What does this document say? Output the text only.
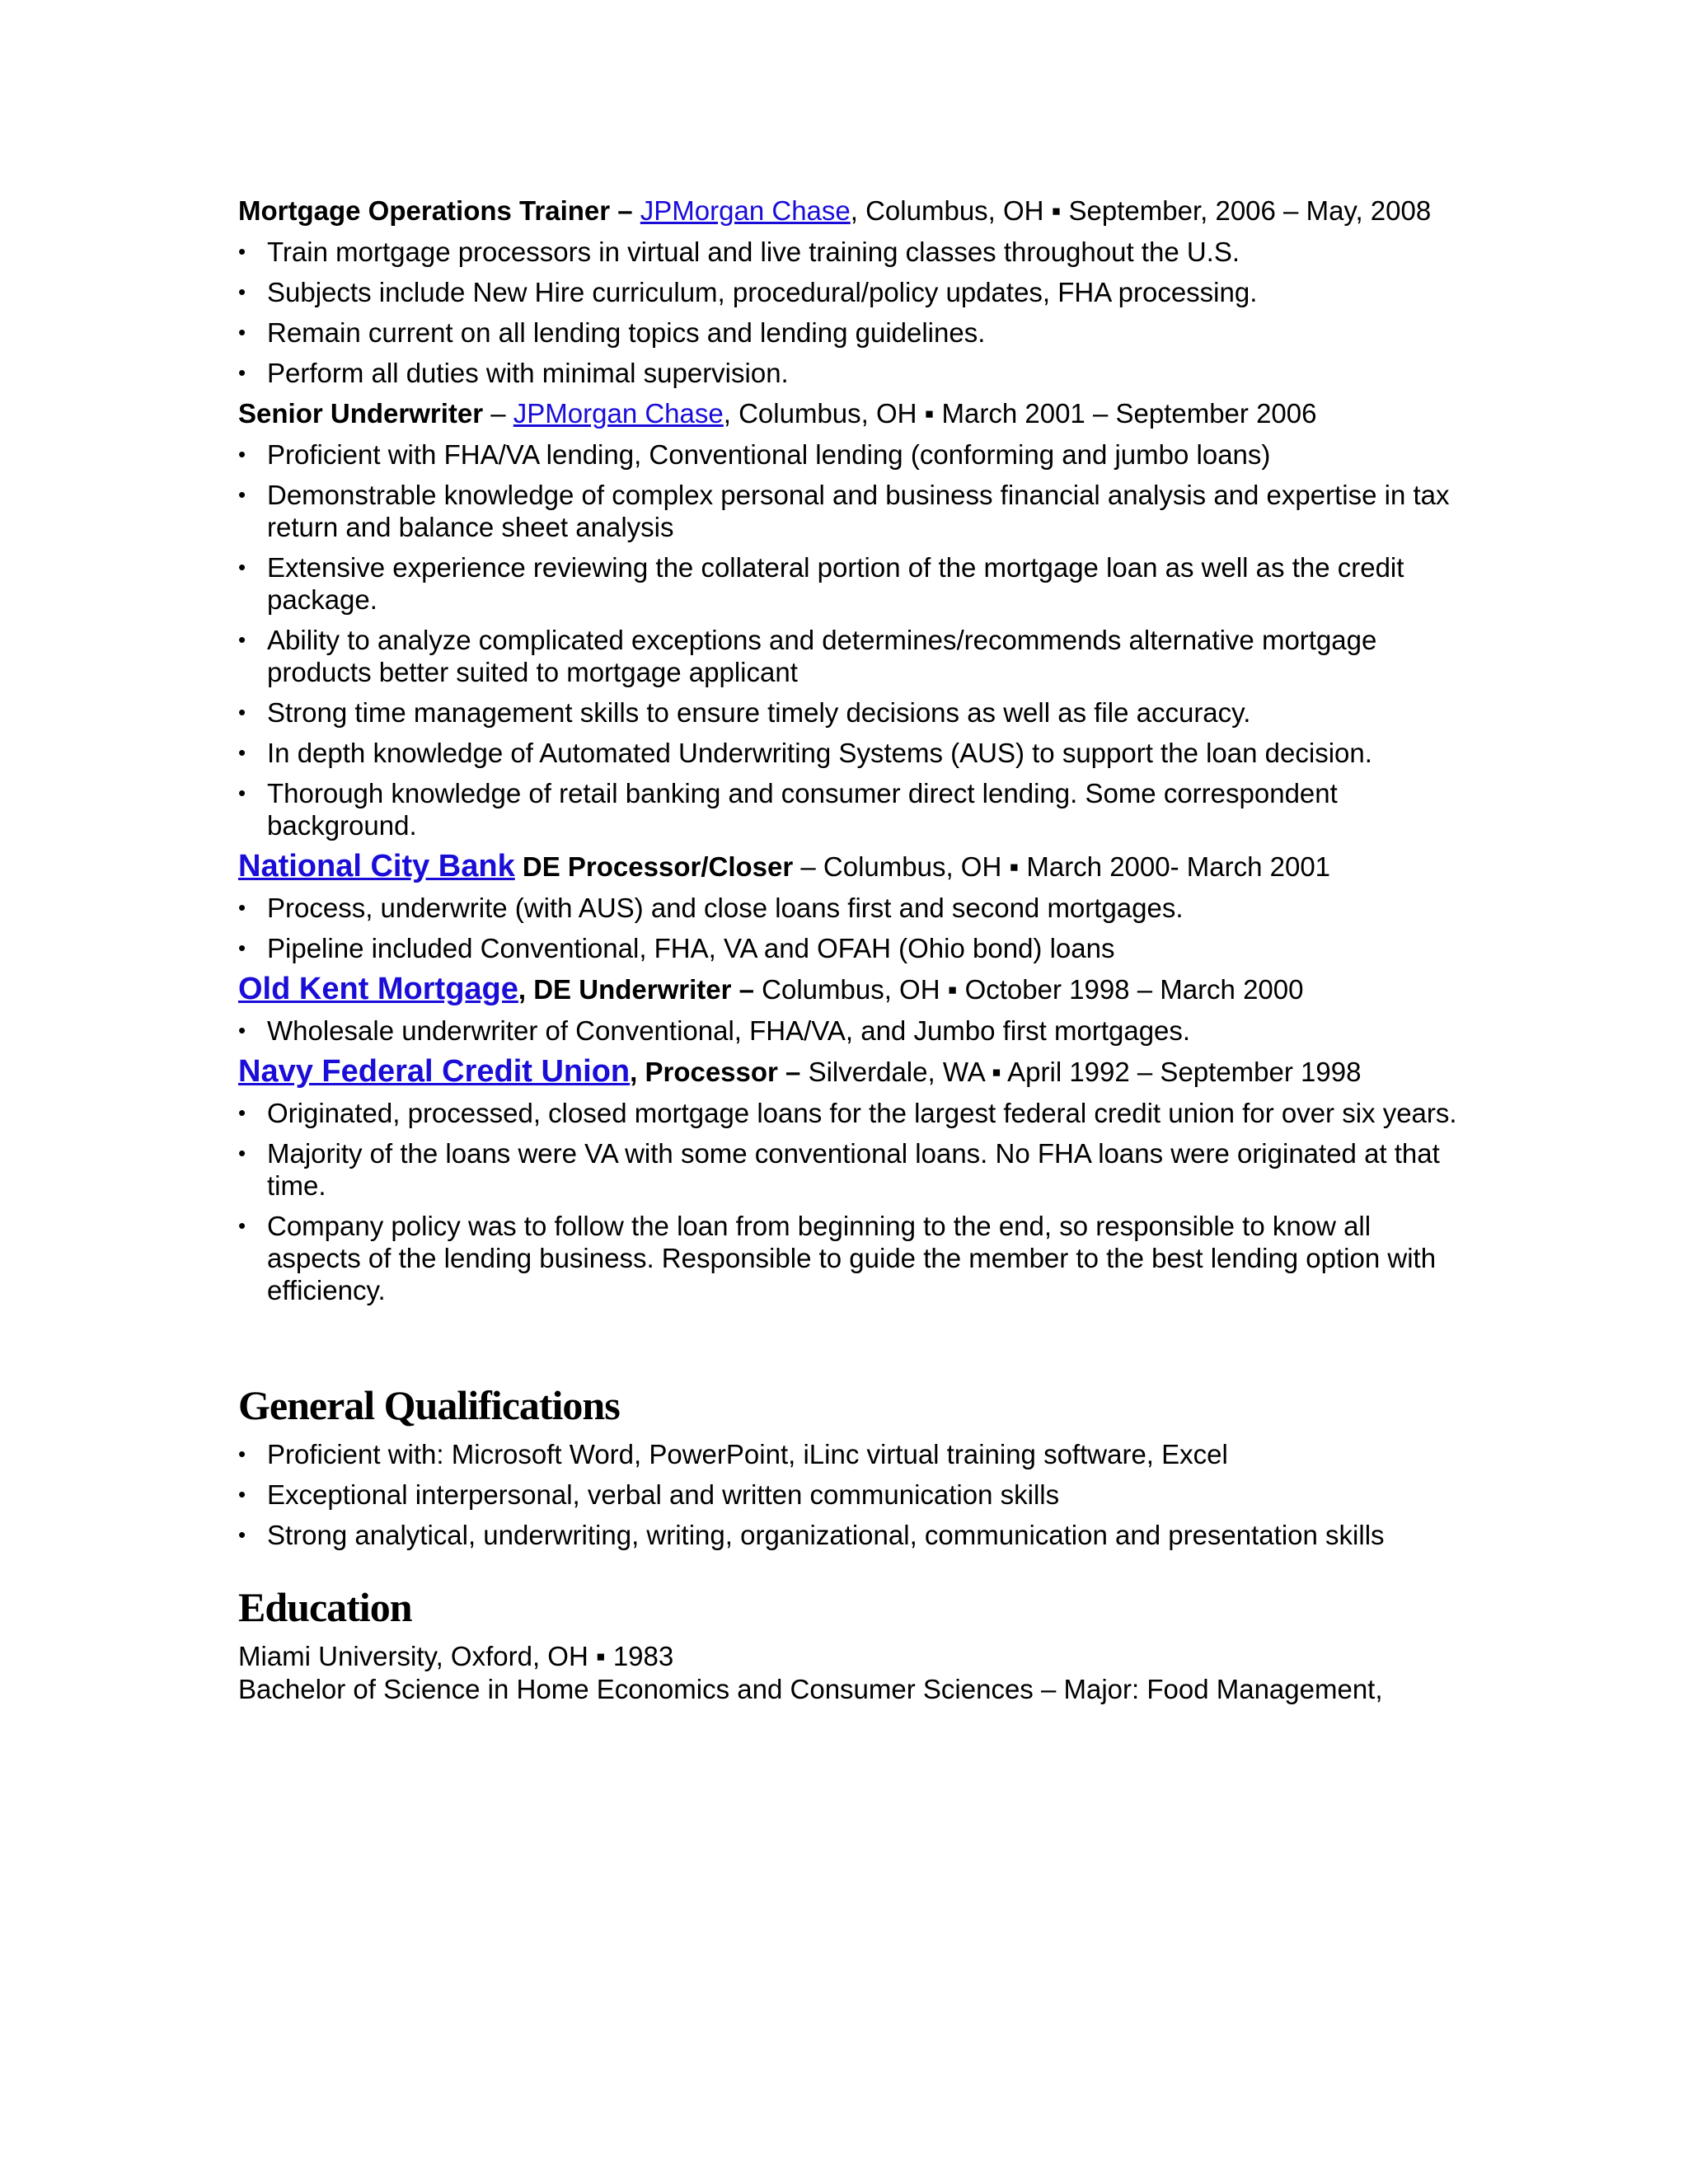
Mortgage Operations Trainer – JPMorgan Chase, Columbus, OH ▪ September, 2006 – May, 2008

• Train mortgage processors in virtual and live training classes throughout the U.S.
• Subjects include New Hire curriculum, procedural/policy updates, FHA processing.
• Remain current on all lending topics and lending guidelines.
• Perform all duties with minimal supervision.

Senior Underwriter – JPMorgan Chase, Columbus, OH ▪ March 2001 – September 2006

• Proficient with FHA/VA lending, Conventional lending (conforming and jumbo loans)
• Demonstrable knowledge of complex personal and business financial analysis and expertise in tax return and balance sheet analysis
• Extensive experience reviewing the collateral portion of the mortgage loan as well as the credit package.
• Ability to analyze complicated exceptions and determines/recommends alternative mortgage products better suited to mortgage applicant
• Strong time management skills to ensure timely decisions as well as file accuracy.
• In depth knowledge of Automated Underwriting Systems (AUS) to support the loan decision.
• Thorough knowledge of retail banking and consumer direct lending. Some correspondent background.

National City Bank DE Processor/Closer – Columbus, OH ▪ March 2000- March 2001

• Process, underwrite (with AUS) and close loans first and second mortgages.
• Pipeline included Conventional, FHA, VA and OFAH (Ohio bond) loans

Old Kent Mortgage, DE Underwriter – Columbus, OH ▪ October 1998 – March 2000

• Wholesale underwriter of Conventional, FHA/VA, and Jumbo first mortgages.

Navy Federal Credit Union, Processor – Silverdale, WA ▪ April 1992 – September 1998

• Originated, processed, closed mortgage loans for the largest federal credit union for over six years.
• Majority of the loans were VA with some conventional loans. No FHA loans were originated at that time.
• Company policy was to follow the loan from beginning to the end, so responsible to know all aspects of the lending business. Responsible to guide the member to the best lending option with efficiency.
General Qualifications
• Proficient with: Microsoft Word, PowerPoint, iLinc virtual training software, Excel
• Exceptional interpersonal, verbal and written communication skills
• Strong analytical, underwriting, writing, organizational, communication and presentation skills
Education

Miami University, Oxford, OH ▪ 1983

Bachelor of Science in Home Economics and Consumer Sciences – Major: Food Management,
